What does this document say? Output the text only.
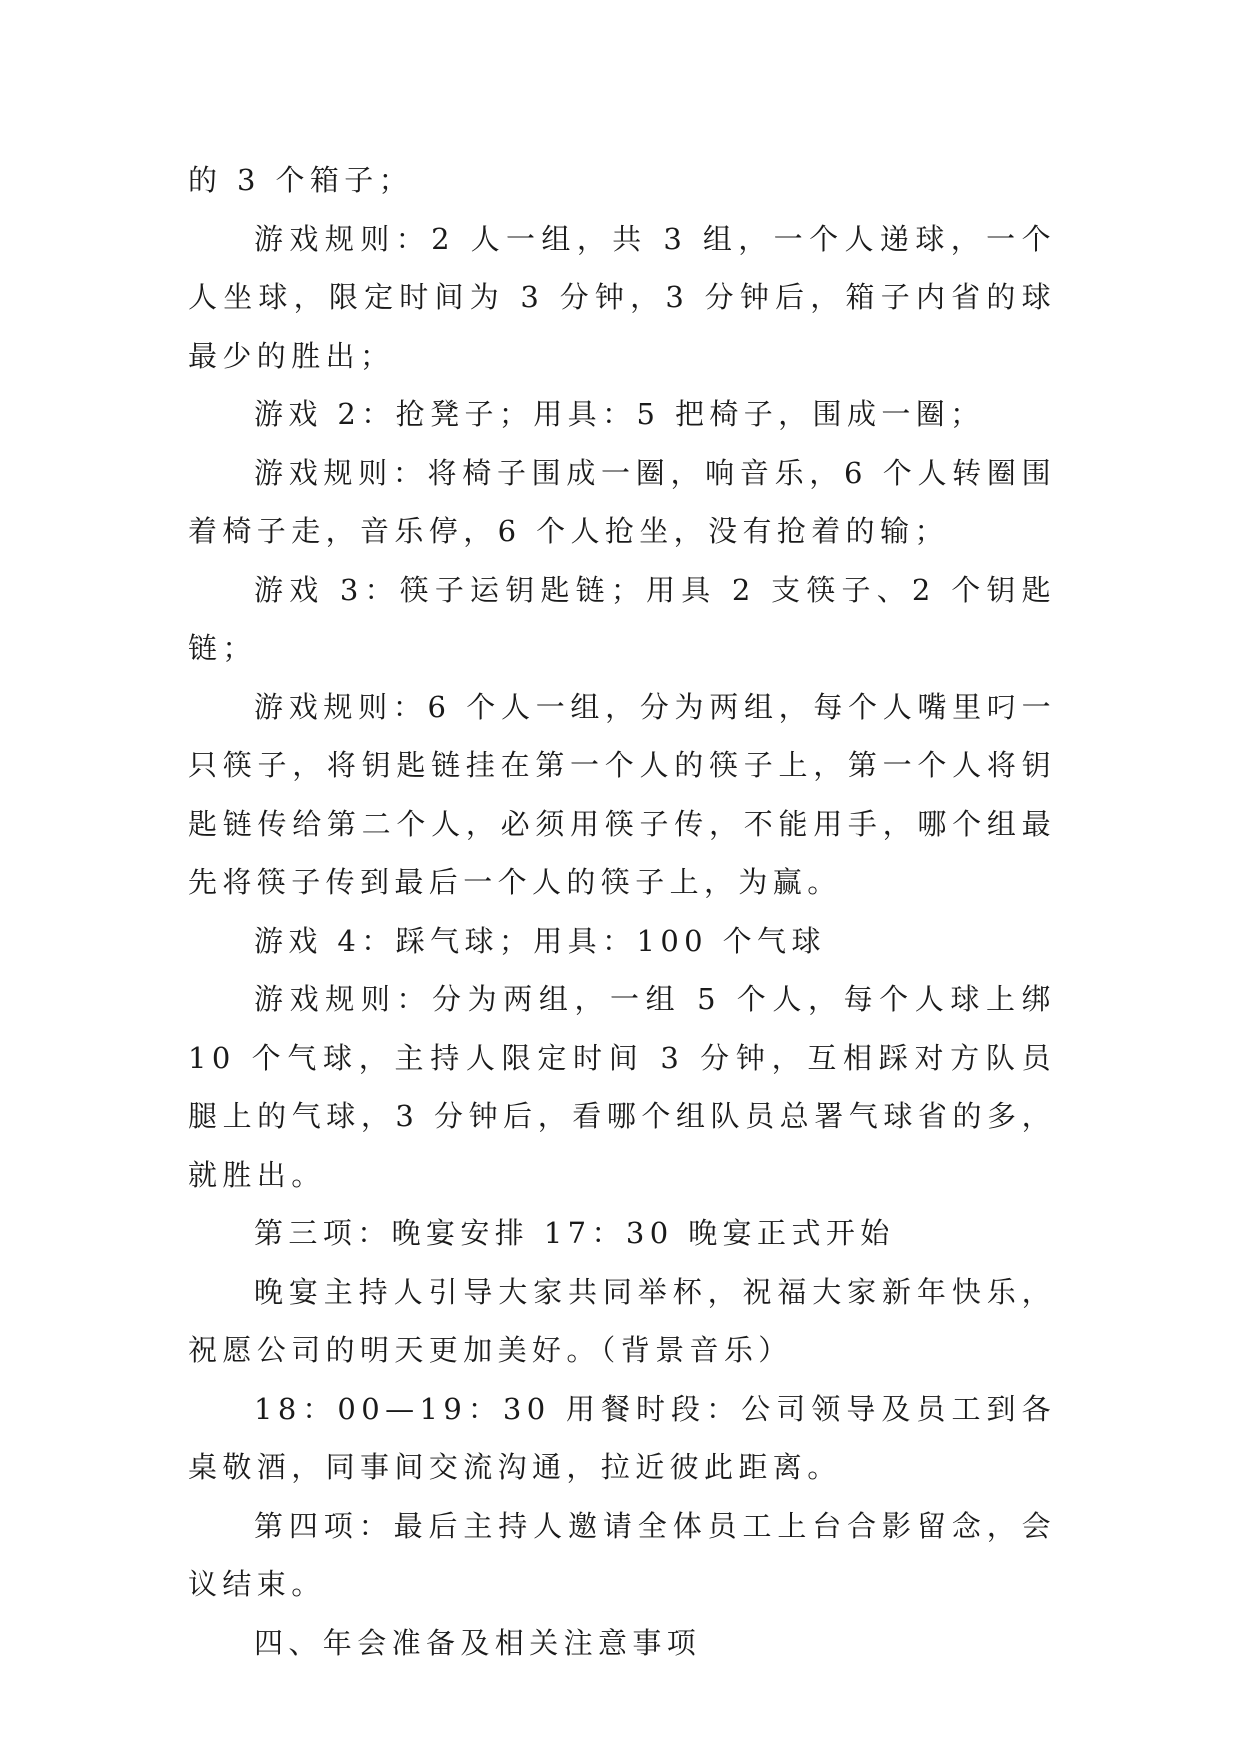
的 3 个箱子；

游戏规则：2 人一组，共 3 组，一个人递球，一个人坐球，限定时间为 3 分钟，3 分钟后，箱子内省的球最少的胜出；

游戏 2：抢凳子；用具：5 把椅子，围成一圈；

游戏规则：将椅子围成一圈，响音乐，6 个人转圈围着椅子走，音乐停，6 个人抢坐，没有抢着的输；

游戏 3：筷子运钥匙链；用具 2 支筷子、2 个钥匙链；

游戏规则：6 个人一组，分为两组，每个人嘴里叼一只筷子，将钥匙链挂在第一个人的筷子上，第一个人将钥匙链传给第二个人，必须用筷子传，不能用手，哪个组最先将筷子传到最后一个人的筷子上，为赢。

游戏 4：踩气球；用具：100 个气球

游戏规则：分为两组，一组 5 个人，每个人球上绑 10 个气球，主持人限定时间 3 分钟，互相踩对方队员腿上的气球，3 分钟后，看哪个组队员总署气球省的多，就胜出。

第三项：晚宴安排 17：30 晚宴正式开始

晚宴主持人引导大家共同举杯，祝福大家新年快乐，祝愿公司的明天更加美好。（背景音乐）

18：00—19：30 用餐时段：公司领导及员工到各桌敬酒，同事间交流沟通，拉近彼此距离。

第四项：最后主持人邀请全体员工上台合影留念，会议结束。

四、年会准备及相关注意事项
